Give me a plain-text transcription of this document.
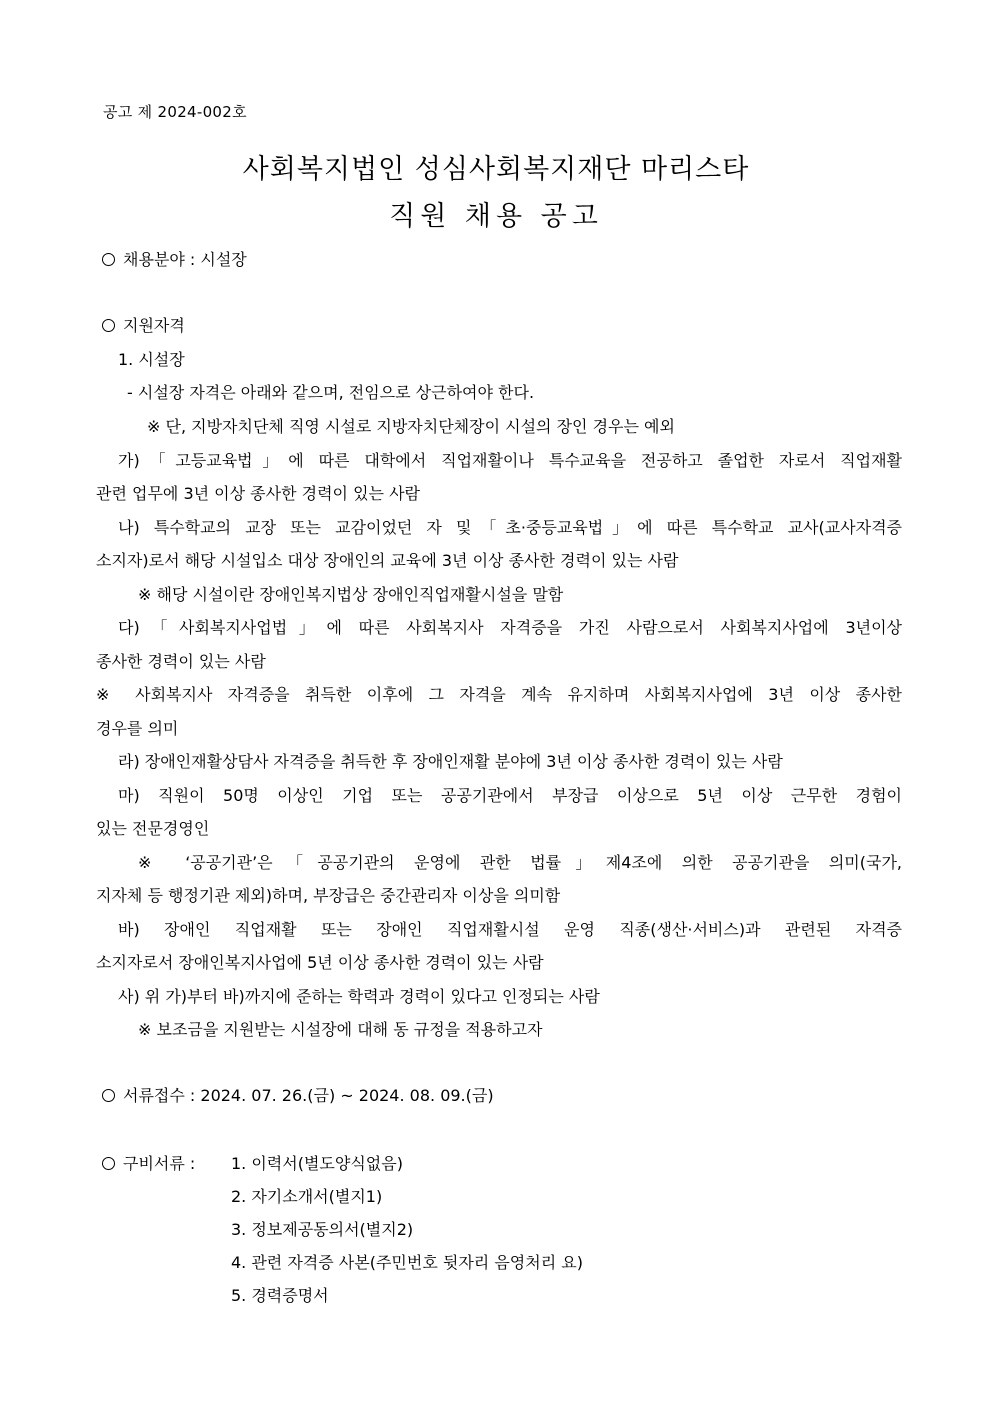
공고 제 2024-002호
사회복지법인 성심사회복지재단 마리스타
직원 채용 공고
채용분야 : 시설장
지원자격
1. 시설장
- 시설장 자격은 아래와 같으며, 전임으로 상근하여야 한다.
※ 단, 지방자치단체 직영 시설로 지방자치단체장이 시설의 장인 경우는 예외
가)「고등교육법」에 따른 대학에서 직업재활이나 특수교육을 전공하고 졸업한 자로서 직업재활
관련 업무에 3년 이상 종사한 경력이 있는 사람
나) 특수학교의 교장 또는 교감이었던 자 및「초·중등교육법」에 따른 특수학교 교사(교사자격증
소지자)로서 해당 시설입소 대상 장애인의 교육에 3년 이상 종사한 경력이 있는 사람
※ 해당 시설이란 장애인복지법상 장애인직업재활시설을 말함
다)「사회복지사업법」에 따른 사회복지사 자격증을 가진 사람으로서 사회복지사업에 3년이상
종사한 경력이 있는 사람
※ 사회복지사 자격증을 취득한 이후에 그 자격을 계속 유지하며 사회복지사업에 3년 이상 종사한
경우를 의미
라) 장애인재활상담사 자격증을 취득한 후 장애인재활 분야에 3년 이상 종사한 경력이 있는 사람
마) 직원이 50명 이상인 기업 또는 공공기관에서 부장급 이상으로 5년 이상 근무한 경험이
있는 전문경영인
※ ‘공공기관’은「공공기관의 운영에 관한 법률」제4조에 의한 공공기관을 의미(국가,
지자체 등 행정기관 제외)하며, 부장급은 중간관리자 이상을 의미함
바) 장애인 직업재활 또는 장애인 직업재활시설 운영 직종(생산·서비스)과 관련된 자격증
소지자로서 장애인복지사업에 5년 이상 종사한 경력이 있는 사람
사) 위 가)부터 바)까지에 준하는 학력과 경력이 있다고 인정되는 사람
※ 보조금을 지원받는 시설장에 대해 동 규정을 적용하고자
서류접수 : 2024. 07. 26.(금) ~ 2024. 08. 09.(금)
구비서류 : 1. 이력서(별도양식없음)
2. 자기소개서(별지1)
3. 정보제공동의서(별지2)
4. 관련 자격증 사본(주민번호 뒷자리 음영처리 요)
5. 경력증명서
